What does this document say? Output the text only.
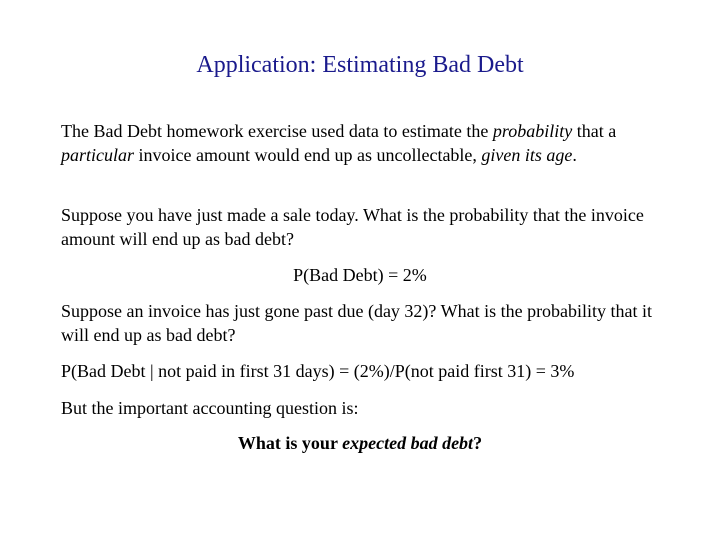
Application: Estimating Bad Debt

The Bad Debt homework exercise used data to estimate the probability that a particular invoice amount would end up as uncollectable, given its age.

Suppose you have just made a sale today. What is the probability that the invoice amount will end up as bad debt?

P(Bad Debt) = 2%

Suppose an invoice has just gone past due (day 32)? What is the probability that it will end up as bad debt?

P(Bad Debt | not paid in first 31 days) = (2%)/P(not paid first 31) = 3%

But the important accounting question is:

What is your expected bad debt?
